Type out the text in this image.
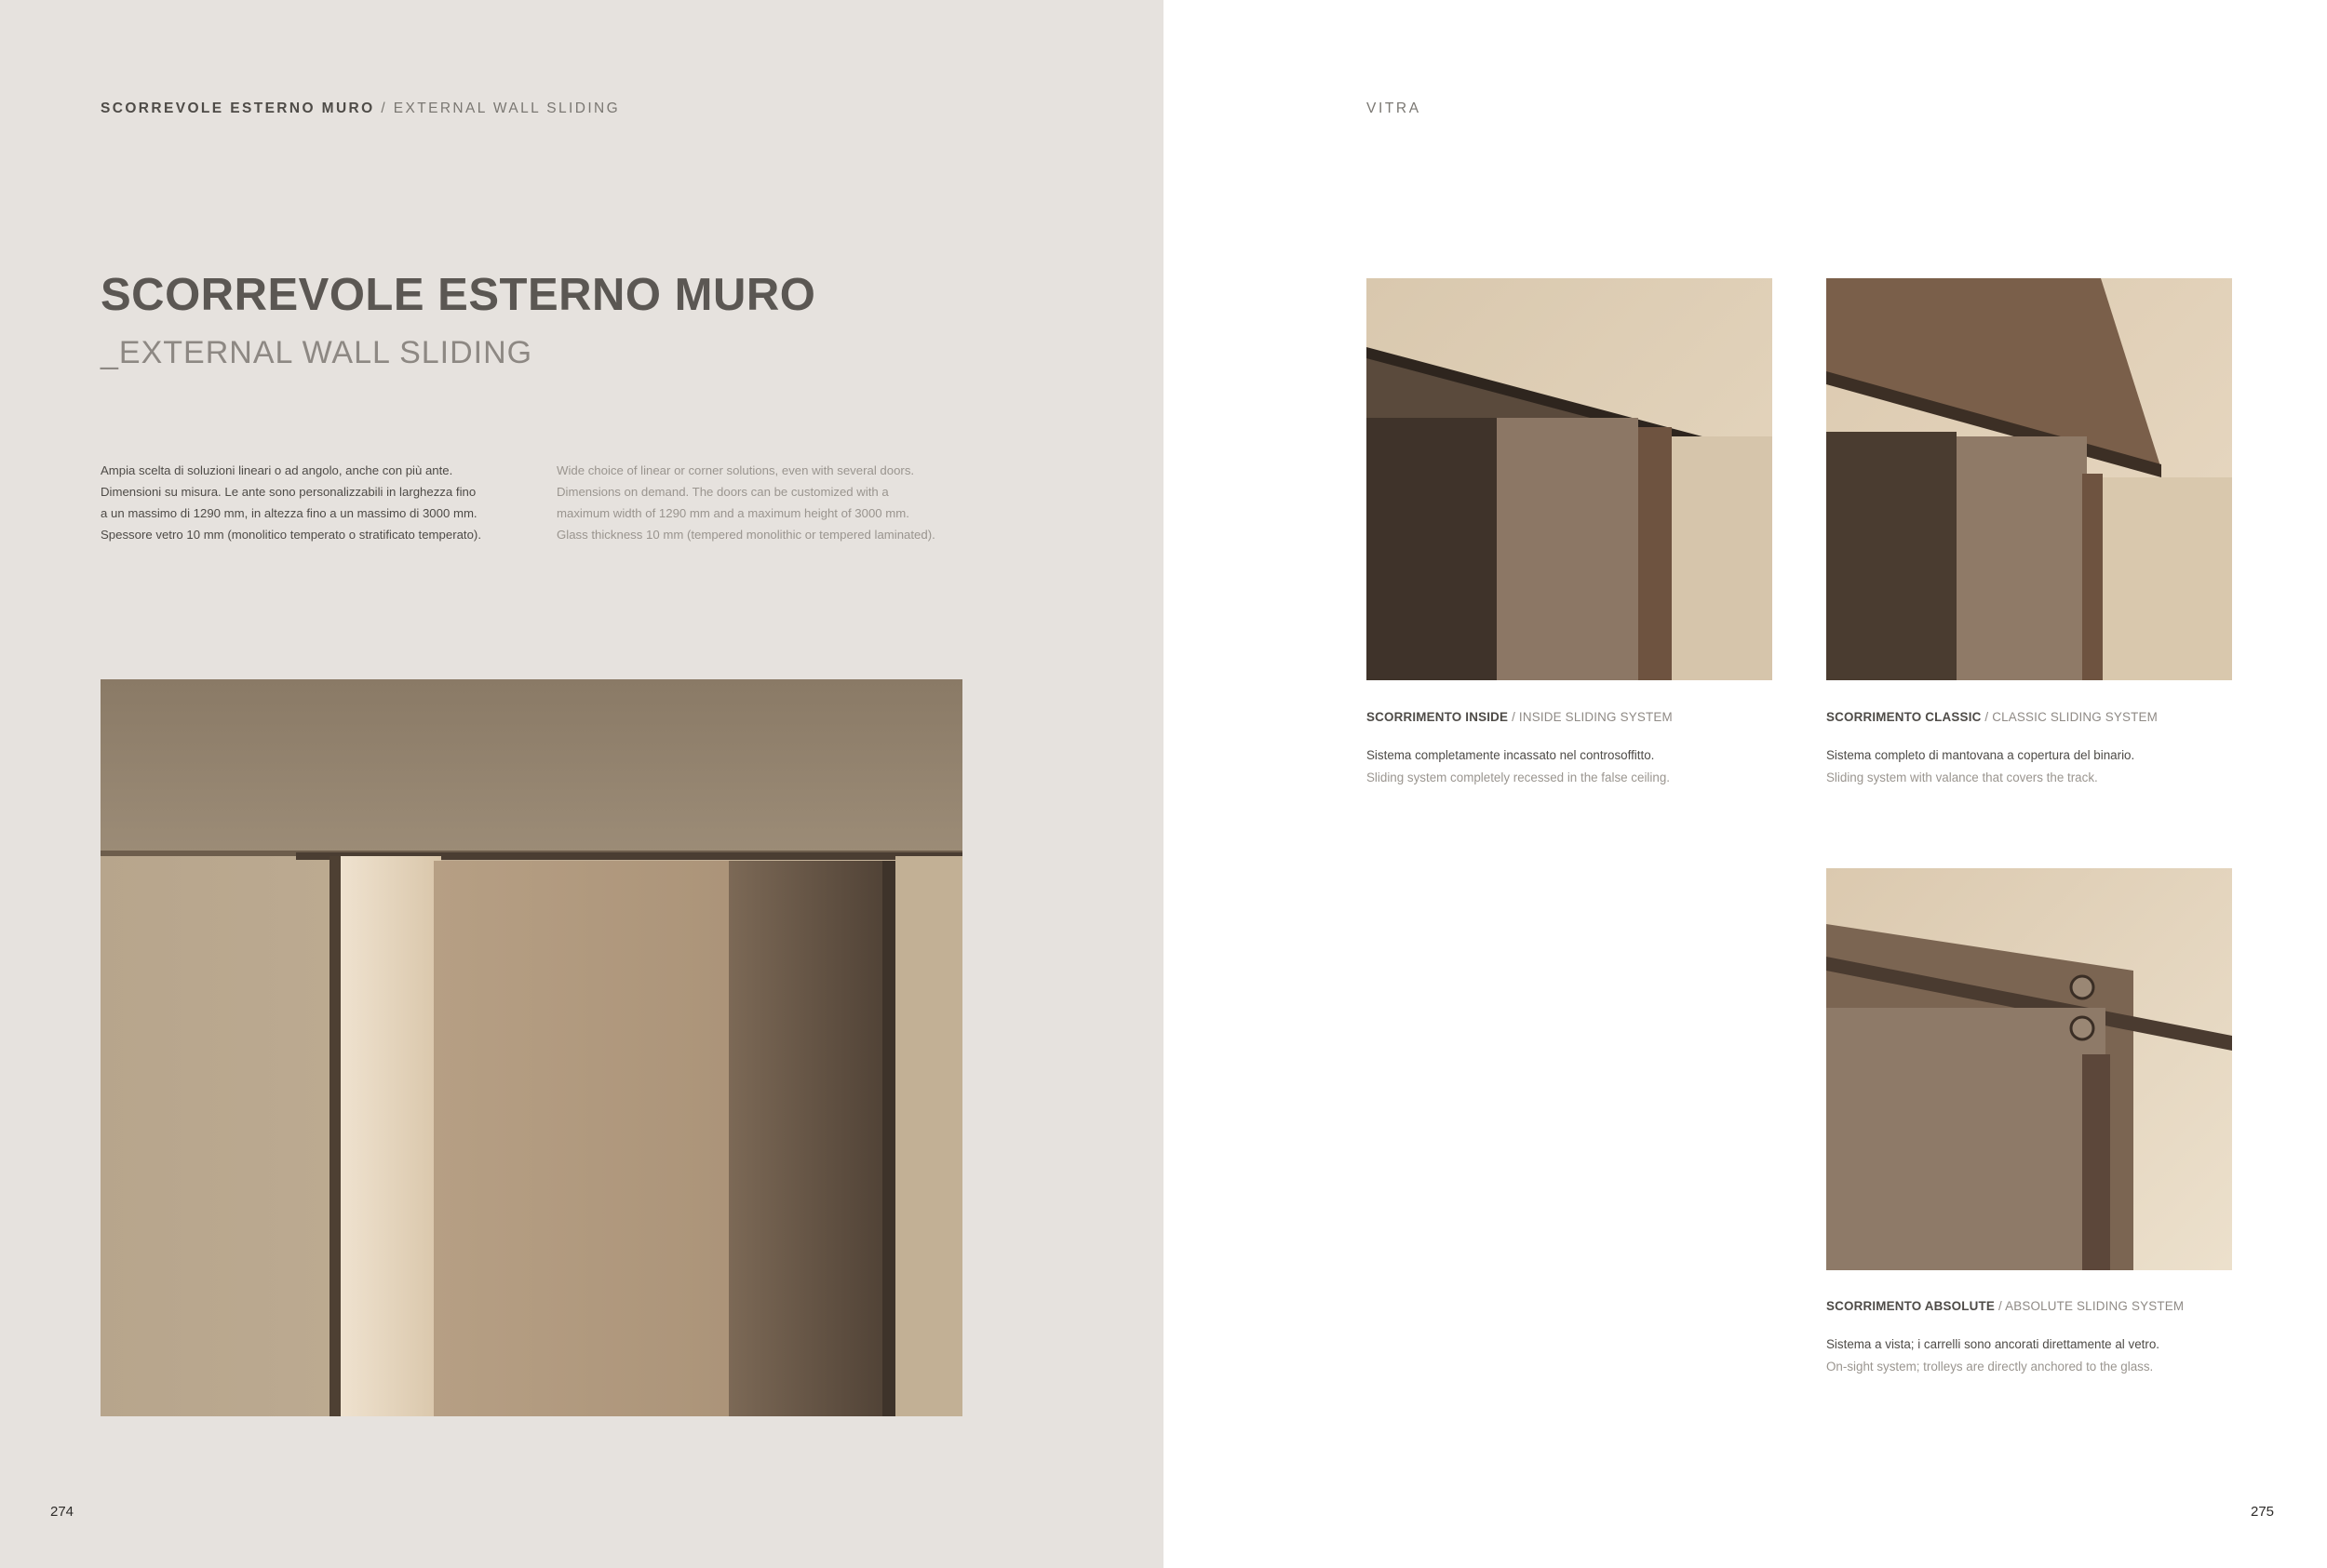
SCORREVOLE ESTERNO MURO / EXTERNAL WALL SLIDING
SCORREVOLE ESTERNO MURO
_EXTERNAL WALL SLIDING
Ampia scelta di soluzioni lineari o ad angolo, anche con più ante.
Dimensioni su misura. Le ante sono personalizzabili in larghezza fino
a un massimo di 1290 mm, in altezza fino a un massimo di 3000 mm.
Spessore vetro 10 mm (monolitico temperato o stratificato temperato).
Wide choice of linear or corner solutions, even with several doors.
Dimensions on demand. The doors can be customized with a
maximum width of 1290 mm and a maximum height of 3000 mm.
Glass thickness 10 mm (tempered monolithic or tempered laminated).
274
VITRA
SCORRIMENTO INSIDE / INSIDE SLIDING SYSTEM
Sistema completamente incassato nel controsoffitto.
Sliding system completely recessed in the false ceiling.
SCORRIMENTO CLASSIC / CLASSIC SLIDING SYSTEM
Sistema completo di mantovana a copertura del binario.
Sliding system with valance that covers the track.
SCORRIMENTO ABSOLUTE / ABSOLUTE SLIDING SYSTEM
Sistema a vista; i carrelli sono ancorati direttamente al vetro.
On-sight system; trolleys are directly anchored to the glass.
275
